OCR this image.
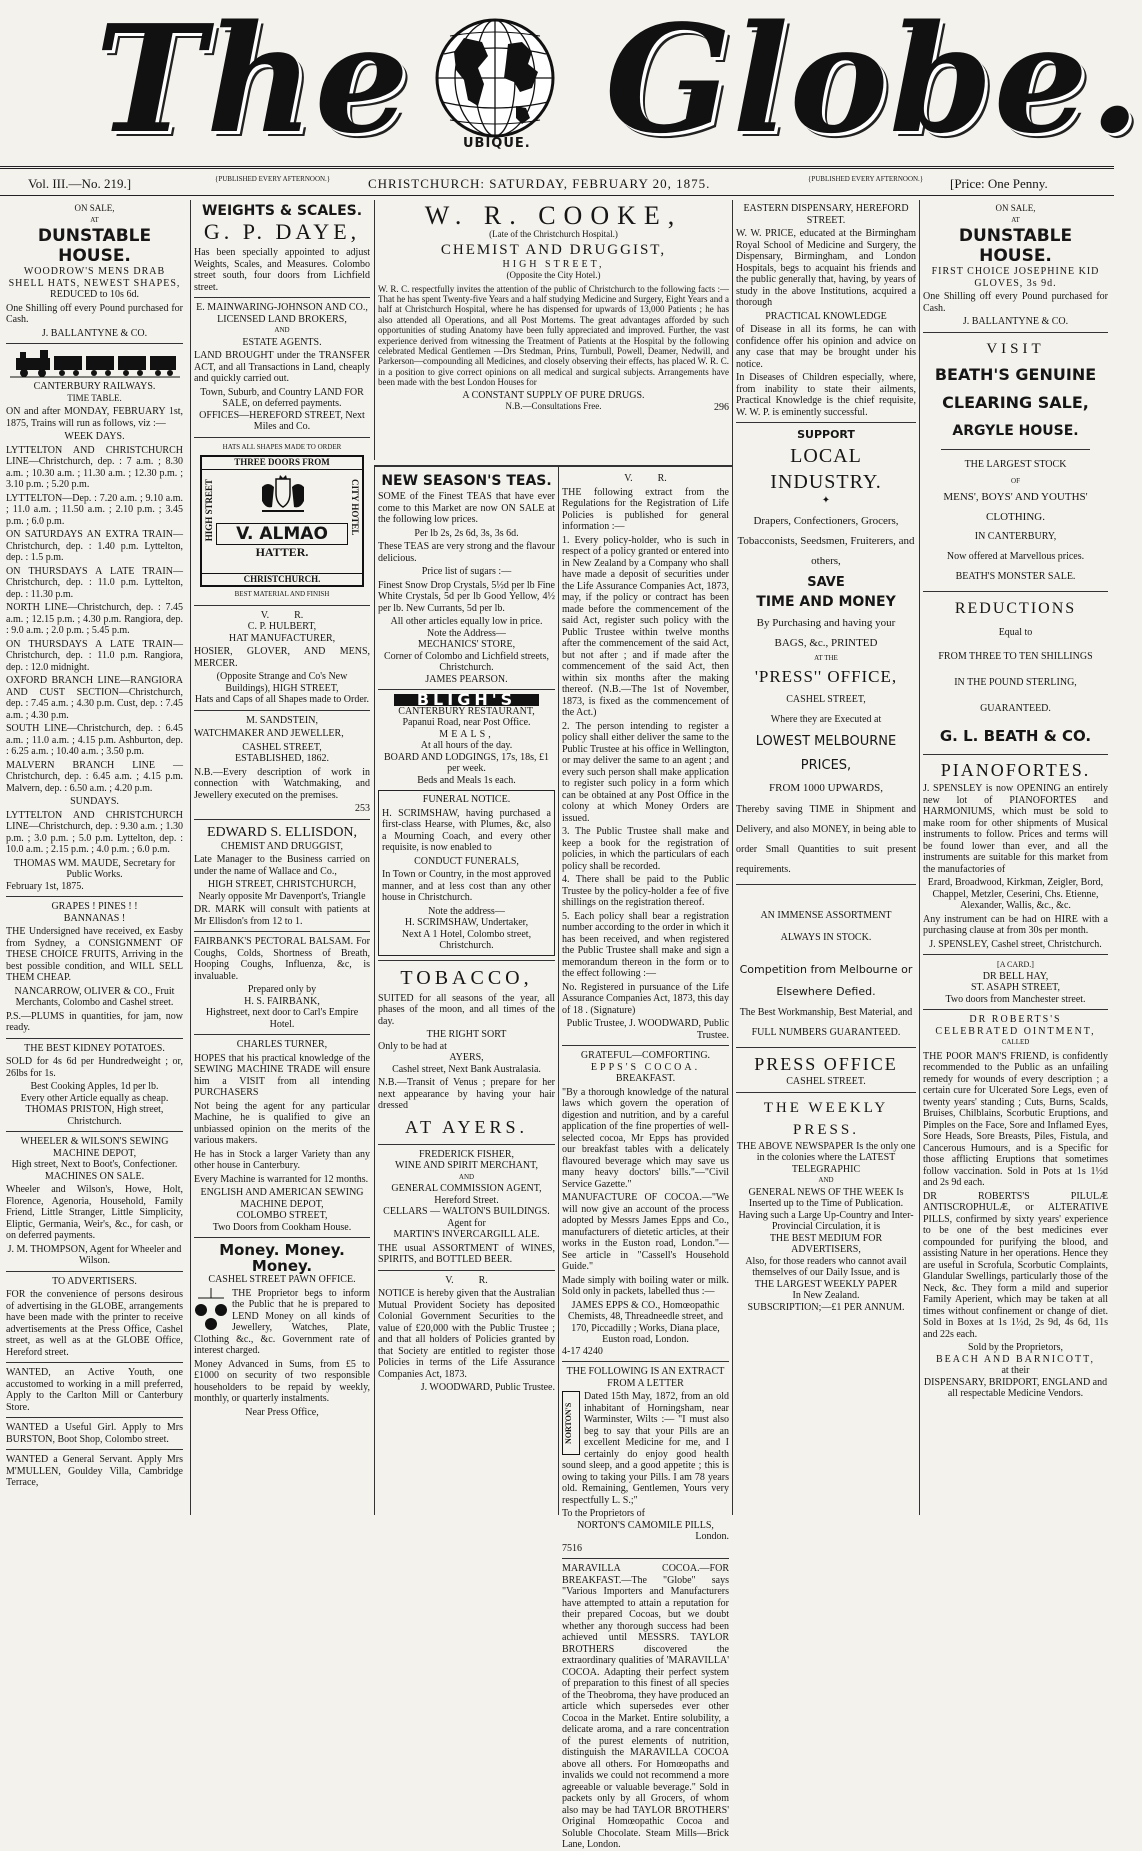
The	UBIQUE. Globe.
Vol. III.—No. 219.]	{PUBLISHED EVERY AFTERNOON.}	CHRISTCHURCH: SATURDAY, FEBRUARY 20, 1875.	{PUBLISHED EVERY AFTERNOON.} [Price: One Penny.
ON SALE,
AT
DUNSTABLE HOUSE.
WOODROW'S MENS DRAB SHELL HATS, NEWEST SHAPES,
REDUCED to 10s 6d.
One Shilling off every Pound purchased for Cash.
J. BALLANTYNE & CO.
CANTERBURY RAILWAYS.
TIME TABLE.
ON and after MONDAY, FEBRUARY 1st, 1875, Trains will run as follows, viz :—
WEEK DAYS.
LYTTELTON AND CHRISTCHURCH LINE—Christchurch, dep. : 7 a.m. ; 8.30 a.m. ; 10.30 a.m. ; 11.30 a.m. ; 12.30 p.m. ; 3.10 p.m. ; 5.20 p.m.
LYTTELTON—Dep. : 7.20 a.m. ; 9.10 a.m. ; 11.0 a.m. ; 11.50 a.m. ; 2.10 p.m. ; 3.45 p.m. ; 6.0 p.m.
ON SATURDAYS AN EXTRA TRAIN—Christchurch, dep. : 1.40 p.m. Lyttelton, dep. : 1.5 p.m.
ON THURSDAYS A LATE TRAIN—Christchurch, dep. : 11.0 p.m. Lyttelton, dep. : 11.30 p.m.
NORTH LINE—Christchurch, dep. : 7.45 a.m. ; 12.15 p.m. ; 4.30 p.m. Rangiora, dep. : 9.0 a.m. ; 2.0 p.m. ; 5.45 p.m.
ON THURSDAYS A LATE TRAIN—Christchurch, dep. : 11.0 p.m. Rangiora, dep. : 12.0 midnight.
OXFORD BRANCH LINE—RANGIORA AND CUST SECTION—Christchurch, dep. : 7.45 a.m. ; 4.30 p.m. Cust, dep. : 7.45 a.m. ; 4.30 p.m.
SOUTH LINE—Christchurch, dep. : 6.45 a.m. ; 11.0 a.m. ; 4.15 p.m. Ashburton, dep. : 6.25 a.m. ; 10.40 a.m. ; 3.50 p.m.
MALVERN BRANCH LINE — Christchurch, dep. : 6.45 a.m. ; 4.15 p.m. Malvern, dep. : 6.50 a.m. ; 4.20 p.m.
SUNDAYS.
LYTTELTON AND CHRISTCHURCH LINE—Christchurch, dep. : 9.30 a.m. ; 1.30 p.m. ; 3.0 p.m. ; 5.0 p.m. Lyttelton, dep. : 10.0 a.m. ; 2.15 p.m. ; 4.0 p.m. ; 6.0 p.m.
THOMAS WM. MAUDE, Secretary for Public Works.
February 1st, 1875.
GRAPES ! PINES ! !
BANNANAS !
THE Undersigned have received, ex Easby from Sydney, a CONSIGNMENT OF THESE CHOICE FRUITS, Arriving in the best possible condition, and WILL SELL THEM CHEAP.
NANCARROW, OLIVER & CO., Fruit Merchants, Colombo and Cashel street.
P.S.—PLUMS in quantities, for jam, now ready.
THE BEST KIDNEY POTATOES.
SOLD for 4s 6d per Hundredweight ; or, 26lbs for 1s.
Best Cooking Apples, 1d per lb.
Every other Article equally as cheap.
THOMAS PRISTON, High street, Christchurch.
WHEELER & WILSON'S SEWING MACHINE DEPOT,
High street, Next to Boot's, Confectioner.
MACHINES ON SALE.
Wheeler and Wilson's, Howe, Holt, Florence, Agenoria, Household, Family Friend, Little Stranger, Little Simplicity, Eliptic, Germania, Weir's, &c., for cash, or on deferred payments.
J. M. THOMPSON, Agent for Wheeler and Wilson.
TO ADVERTISERS.
FOR the convenience of persons desirous of advertising in the GLOBE, arrangements have been made with the printer to receive advertisements at the Press Office, Cashel street, as well as at the GLOBE Office, Hereford street.
WANTED, an Active Youth, one accustomed to working in a mill preferred, Apply to the Carlton Mill or Canterbury Store.
WANTED a Useful Girl. Apply to Mrs BURSTON, Boot Shop, Colombo street.
WANTED a General Servant. Apply Mrs M'MULLEN, Gouldey Villa, Cambridge Terrace,
WEIGHTS & SCALES.
G. P. DAYE,
Has been specially appointed to adjust Weights, Scales, and Measures. Colombo street south, four doors from Lichfield street.
E. MAINWARING-JOHNSON AND CO., LICENSED LAND BROKERS,
AND
ESTATE AGENTS.
LAND BROUGHT under the TRANSFER ACT, and all Transactions in Land, cheaply and quickly carried out.
Town, Suburb, and Country LAND FOR SALE, on deferred payments.
OFFICES—HEREFORD STREET, Next Miles and Co.
HATS ALL SHAPES MADE TO ORDER
THREE DOORS FROM
HIGH STREET	CITY HOTEL
V. ALMAO
HATTER.
CHRISTCHURCH.
BEST MATERIAL AND FINISH
V.          R.
C. P. HULBERT,
HAT MANUFACTURER,
HOSIER, GLOVER, AND MENS, MERCER.
(Opposite Strange and Co's New Buildings), HIGH STREET,
Hats and Caps of all Shapes made to Order.
M. SANDSTEIN,
WATCHMAKER AND JEWELLER,
CASHEL STREET,
ESTABLISHED, 1862.
N.B.—Every description of work in connection with Watchmaking, and Jewellery executed on the premises.
253
EDWARD S. ELLISDON,
CHEMIST AND DRUGGIST,
Late Manager to the Business carried on under the name of Wallace and Co.,
HIGH STREET, CHRISTCHURCH, Nearly opposite Mr Davenport's, Triangle
DR. MARK will consult with patients at Mr Ellisdon's from 12 to 1.
FAIRBANK'S PECTORAL BALSAM. For Coughs, Colds, Shortness of Breath, Hooping Coughs, Influenza, &c, is invaluable.
Prepared only by
H. S. FAIRBANK,
Highstreet, next door to Carl's Empire Hotel.
CHARLES TURNER,
HOPES that his practical knowledge of the SEWING MACHINE TRADE will ensure him a VISIT from all intending PURCHASERS
Not being the agent for any particular Machine, he is qualified to give an unbiassed opinion on the merits of the various makers.
He has in Stock a larger Variety than any other house in Canterbury.
Every Machine is warranted for 12 months.
ENGLISH AND AMERICAN SEWING MACHINE DEPOT,
COLOMBO STREET,
Two Doors from Cookham House.
Money. Money. Money.
CASHEL STREET PAWN OFFICE.
THE Proprietor begs to inform the Public that he is prepared to LEND Money on all kinds of Jewellery, Watches, Plate, Clothing &c., &c. Government rate of interest charged.
Money Advanced in Sums, from £5 to £1000 on security of two responsible householders to be repaid by weekly, monthly, or quarterly instalments.
Near Press Office,
W. R. COOKE,
(Late of the Christchurch Hospital.)
CHEMIST AND DRUGGIST,
HIGH STREET,
(Opposite the City Hotel.)
W. R. C. respectfully invites the attention of the public of Christchurch to the following facts :—That he has spent Twenty-five Years and a half studying Medicine and Surgery, Eight Years and a half at Christchurch Hospital, where he has dispensed for upwards of 13,000 Patients ; he has also attended all Operations, and all Post Mortems. The great advantages afforded by such opportunities of studing Anatomy have been fully appreciated and improved. Further, the vast experience derived from witnessing the Treatment of Patients at the Hospital by the following celebrated Medical Gentlemen —Drs Stedman, Prins, Turnbull, Powell, Deamer, Nedwill, and Parkerson—compounding all Medicines, and closely observing their effects, has placed W. R. C. in a position to give correct opinions on all medical and surgical subjects. Arrangements have been made with the best London Houses for
A CONSTANT SUPPLY OF PURE DRUGS.
N.B.—Consultations Free.	296
NEW SEASON'S TEAS.
SOME of the Finest TEAS that have ever come to this Market are now ON SALE at the following low prices.
Per lb 2s, 2s 6d, 3s, 3s 6d.
These TEAS are very strong and the flavour delicious.
Price list of sugars :—
Finest Snow Drop Crystals, 5½d per lb Fine White Crystals, 5d per lb Good Yellow, 4½ per lb. New Currants, 5d per lb.
All other articles equally low in price.
Note the Address—
MECHANICS' STORE,
Corner of Colombo and Lichfield streets, Christchurch.
JAMES PEARSON.
BLIGH'S
CANTERBURY RESTAURANT,
Papanui Road, near Post Office.
MEALS,
At all hours of the day.
BOARD AND LODGINGS, 17s, 18s, £1 per week.
Beds and Meals 1s each.
FUNERAL NOTICE.
H. SCRIMSHAW, having purchased a first-class Hearse, with Plumes, &c, also a Mourning Coach, and every other requisite, is now enabled to
CONDUCT FUNERALS,
In Town or Country, in the most approved manner, and at less cost than any other house in Christchurch.
Note the address—
H. SCRIMSHAW, Undertaker,
Next A 1 Hotel, Colombo street, Christchurch.
TOBACCO,
SUITED for all seasons of the year, all phases of the moon, and all times of the day.
THE RIGHT SORT
Only to be had at
AYERS,
Cashel street, Next Bank Australasia.
N.B.—Transit of Venus ; prepare for her next appearance by having your hair dressed
AT AYERS.
FREDERICK FISHER,
WINE AND SPIRIT MERCHANT,
AND
GENERAL COMMISSION AGENT,
Hereford Street.
CELLARS — WALTON'S BUILDINGS.
Agent for
MARTIN'S INVERCARGILL ALE.
THE usual ASSORTMENT of WINES, SPIRITS, and BOTTLED BEER.
V.          R.
NOTICE is hereby given that the Australian Mutual Provident Society has deposited Colonial Government Securities to the value of £20,000 with the Public Trustee ; and that all holders of Policies granted by that Society are entitled to register those Policies in terms of the Life Assurance Companies Act, 1873.
J. WOODWARD, Public Trustee.
V.          R.
THE following extract from the Regulations for the Registration of Life Policies is published for general information :—
1. Every policy-holder, who is such in respect of a policy granted or entered into in New Zealand by a Company who shall have made a deposit of securities under the Life Assurance Companies Act, 1873, may, if the policy or contract has been made before the commencement of the said Act, register such policy with the Public Trustee within twelve months after the commencement of the said Act, but not after ; and if made after the commencement of the said Act, then within six months after the making thereof. (N.B.—The 1st of November, 1873, is fixed as the commencement of the Act.)
2. The person intending to register a policy shall either deliver the same to the Public Trustee at his office in Wellington, or may deliver the same to an agent ; and every such person shall make application to register such policy in a form which can be obtained at any Post Office in the colony at which Money Orders are issued.
3. The Public Trustee shall make and keep a book for the registration of policies, in which the particulars of each policy shall be recorded.
4. There shall be paid to the Public Trustee by the policy-holder a fee of five shillings on the registration thereof.
5. Each policy shall bear a registration number according to the order in which it has been received, and when registered the Public Trustee shall make and sign a memorandum thereon in the form or to the effect following :—
No. Registered in pursuance of the Life Assurance Companies Act, 1873, this day of 18 . (Signature)
Public Trustee, J. WOODWARD, Public Trustee.
GRATEFUL—COMFORTING.
EPPS'S COCOA.
BREAKFAST.
"By a thorough knowledge of the natural laws which govern the operation of digestion and nutrition, and by a careful application of the fine properties of well-selected cocoa, Mr Epps has provided our breakfast tables with a delicately flavoured beverage which may save us many heavy doctors' bills."—"Civil Service Gazette."
MANUFACTURE OF COCOA.—"We will now give an account of the process adopted by Messrs James Epps and Co., manufacturers of dietetic articles, at their works in the Euston road, London."—See article in "Cassell's Household Guide."
Made simply with boiling water or milk. Sold only in packets, labelled thus :—
JAMES EPPS & CO., Homœopathic Chemists, 48, Threadneedle street, and 170, Piccadilly ; Works, Diana place, Euston road, London.
4-17 4240
THE FOLLOWING IS AN EXTRACT FROM A LETTER
NORTON'S
Dated 15th May, 1872, from an old inhabitant of Horningsham, near Warminster, Wilts :— "I must also beg to say that your Pills are an excellent Medicine for me, and I certainly do enjoy good health sound sleep, and a good appetite ; this is owing to taking your Pills. I am 78 years old. Remaining, Gentlemen, Yours very respectfully L. S.;"
To the Proprietors of
NORTON'S CAMOMILE PILLS,
London.
7516
MARAVILLA COCOA.—FOR BREAKFAST.—The "Globe" says "Various Importers and Manufacturers have attempted to attain a reputation for their prepared Cocoas, but we doubt whether any thorough success had been achieved until MESSRS. TAYLOR BROTHERS discovered the extraordinary qualities of 'MARAVILLA' COCOA. Adapting their perfect system of preparation to this finest of all species of the Theobroma, they have produced an article which supersedes ever other Cocoa in the Market. Entire solubility, a delicate aroma, and a rare concentration of the purest elements of nutrition, distinguish the MARAVILLA COCOA above all others. For Homœopaths and invalids we could not recommend a more agreeable or valuable beverage." Sold in packets only by all Grocers, of whom also may be had TAYLOR BROTHERS' Original Homœopathic Cocoa and Soluble Chocolate. Steam Mills—Brick Lane, London.
EASTERN DISPENSARY, HEREFORD STREET.
W. W. PRICE, educated at the Birmingham Royal School of Medicine and Surgery, the Dispensary, Birmingham, and London Hospitals, begs to acquaint his friends and the public generally that, having, by years of study in the above Institutions, acquired a thorough
PRACTICAL KNOWLEDGE
of Disease in all its forms, he can with confidence offer his opinion and advice on any case that may be brought under his notice.
In Diseases of Children especially, where, from inability to state their ailments, Practical Knowledge is the chief requisite, W. W. P. is eminently successful.
SUPPORT
LOCAL INDUSTRY.
✦
Drapers, Confectioners, Grocers, Tobacconists, Seedsmen, Fruiterers, and others,
SAVE
TIME AND MONEY
By Purchasing and having your
BAGS, &c., PRINTED
AT THE
'PRESS'' OFFICE,
CASHEL STREET,
Where they are Executed at
LOWEST MELBOURNE PRICES,
FROM 1000 UPWARDS,
Thereby saving TIME in Shipment and Delivery, and also MONEY, in being able to order Small Quantities to suit present requirements.
AN IMMENSE ASSORTMENT
ALWAYS IN STOCK.
Competition from Melbourne or Elsewhere Defied.
The Best Workmanship, Best Material, and
FULL NUMBERS GUARANTEED.
PRESS OFFICE
CASHEL STREET.
THE WEEKLY PRESS.
THE ABOVE NEWSPAPER Is the only one in the colonies where the LATEST TELEGRAPHIC
AND
GENERAL NEWS OF THE WEEK Is Inserted up to the Time of Publication.
Having such a Large Up-Country and Inter-Provincial Circulation, it is
THE BEST MEDIUM FOR ADVERTISERS,
Also, for those readers who cannot avail themselves of our Daily Issue, and is
THE LARGEST WEEKLY PAPER
In New Zealand.
SUBSCRIPTION;—£1 PER ANNUM.
ON SALE,
AT
DUNSTABLE HOUSE.
FIRST CHOICE JOSEPHINE KID GLOVES, 3s 9d.
One Shilling off every Pound purchased for Cash.
J. BALLANTYNE & CO.
VISIT
BEATH'S GENUINE
CLEARING SALE,
ARGYLE HOUSE.
THE LARGEST STOCK
OF
MENS', BOYS' AND YOUTHS' CLOTHING.
IN CANTERBURY,
Now offered at Marvellous prices.
BEATH'S MONSTER SALE.
REDUCTIONS
Equal to
FROM THREE TO TEN SHILLINGS
IN THE POUND STERLING,
GUARANTEED.
G. L. BEATH & CO.
PIANOFORTES.
J. SPENSLEY is now OPENING an entirely new lot of PIANOFORTES and HARMONIUMS, which must be sold to make room for other shipments of Musical instruments to follow. Prices and terms will be found lower than ever, and all the instruments are suitable for this market from the manufactories of
Erard, Broadwood, Kirkman, Zeigler, Bord, Chappel, Metzler, Ceserini, Chs. Etienne, Alexander, Wallis, &c., &c.
Any instrument can be had on HIRE with a purchasing clause at from 30s per month.
J. SPENSLEY, Cashel street, Christchurch.
[A CARD.]
DR BELL HAY,
ST. ASAPH STREET,
Two doors from Manchester street.
DR ROBERTS'S
CELEBRATED OINTMENT,
CALLED
THE POOR MAN'S FRIEND, is confidently recommended to the Public as an unfailing remedy for wounds of every description ; a certain cure for Ulcerated Sore Legs, even of twenty years' standing ; Cuts, Burns, Scalds, Bruises, Chilblains, Scorbutic Eruptions, and Pimples on the Face, Sore and Inflamed Eyes, Sore Heads, Sore Breasts, Piles, Fistula, and Cancerous Humours, and is a Specific for those afflicting Eruptions that sometimes follow vaccination. Sold in Pots at 1s 1½d and 2s 9d each.
DR ROBERTS'S PILULÆ ANTISCROPHULÆ, or ALTERATIVE PILLS, confirmed by sixty years' experience to be one of the best medicines ever compounded for purifying the blood, and assisting Nature in her operations. Hence they are useful in Scrofula, Scorbutic Complaints, Glandular Swellings, particularly those of the Neck, &c. They form a mild and superior Family Aperient, which may be taken at all times without confinement or change of diet. Sold in Boxes at 1s 1½d, 2s 9d, 4s 6d, 11s and 22s each.
Sold by the Proprietors,
BEACH AND BARNICOTT,
at their
DISPENSARY, BRIDPORT, ENGLAND and all respectable Medicine Vendors.
